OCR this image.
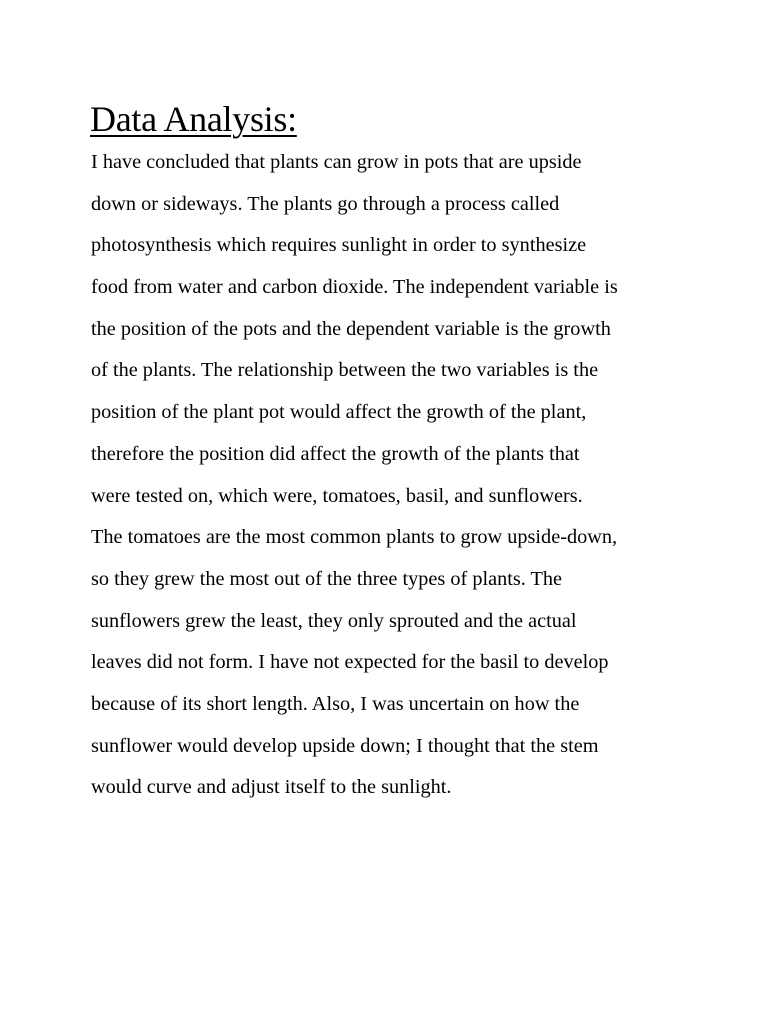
Data Analysis:
I have concluded that plants can grow in pots that are upside
down or sideways. The plants go through a process called
photosynthesis which requires sunlight in order to synthesize
food from water and carbon dioxide. The independent variable is
the position of the pots and the dependent variable is the growth
of the plants. The relationship between the two variables is the
position of the plant pot would affect the growth of the plant,
therefore the position did affect the growth of the plants that
were tested on, which were, tomatoes, basil, and sunflowers.
The tomatoes are the most common plants to grow upside-down,
so they grew the most out of the three types of plants. The
sunflowers grew the least, they only sprouted and the actual
leaves did not form. I have not expected for the basil to develop
because of its short length. Also, I was uncertain on how the
sunflower would develop upside down; I thought that the stem
would curve and adjust itself to the sunlight.
